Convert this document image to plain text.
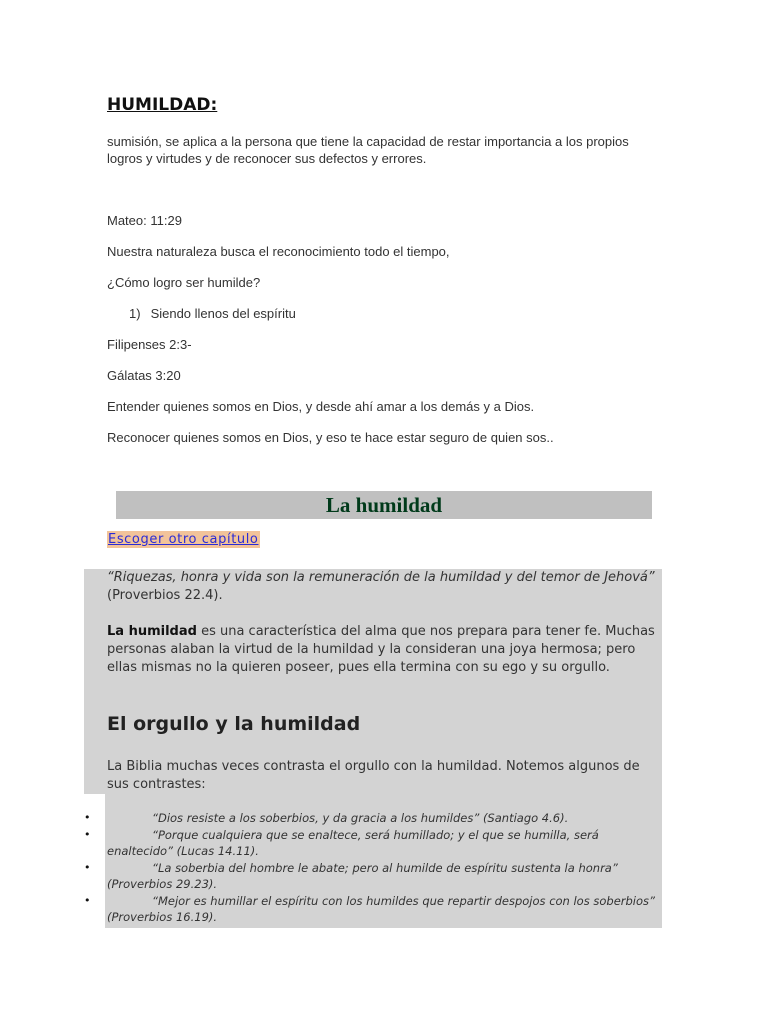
HUMILDAD:

sumisión, se aplica a la persona que tiene la capacidad de restar importancia a los propios logros y virtudes y de reconocer sus defectos y errores.

Mateo: 11:29

Nuestra naturaleza busca el reconocimiento todo el tiempo,

¿Cómo logro ser humilde?

1) Siendo llenos del espíritu

Filipenses 2:3-

Gálatas 3:20

Entender quienes somos en Dios, y desde ahí amar a los demás y a Dios.

Reconocer quienes somos en Dios, y eso te hace estar seguro de quien sos..

La humildad
Escoger otro capítulo

“Riquezas, honra y vida son la remuneración de la humildad y del temor de Jehová” (Proverbios 22.4).

La humildad es una característica del alma que nos prepara para tener fe. Muchas personas alaban la virtud de la humildad y la consideran una joya hermosa; pero ellas mismas no la quieren poseer, pues ella termina con su ego y su orgullo.

El orgullo y la humildad

La Biblia muchas veces contrasta el orgullo con la humildad. Notemos algunos de sus contrastes:

•	“Dios resiste a los soberbios, y da gracia a los humildes” (Santiago 4.6).
•	“Porque cualquiera que se enaltece, será humillado; y el que se humilla, será enaltecido” (Lucas 14.11).
•	“La soberbia del hombre le abate; pero al humilde de espíritu sustenta la honra” (Proverbios 29.23).
•	“Mejor es humillar el espíritu con los humildes que repartir despojos con los soberbios” (Proverbios 16.19).
